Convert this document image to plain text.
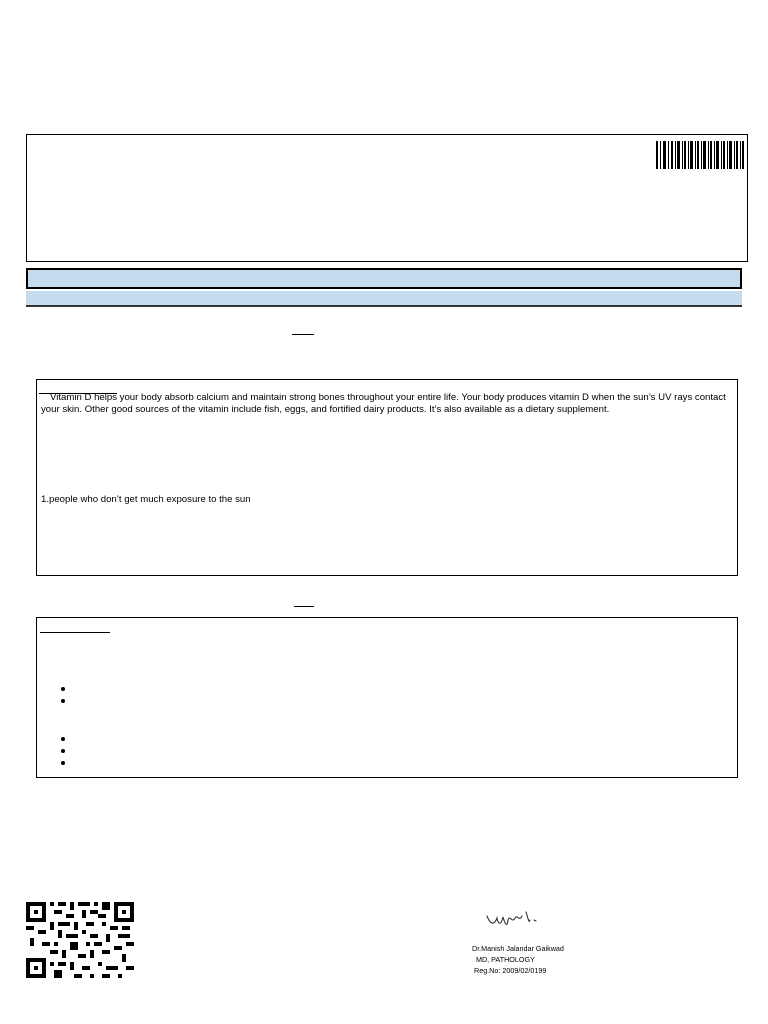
Vitamin D helps your body absorb calcium and maintain strong bones throughout your entire life. Your body produces vitamin D when the sun’s UV rays contact your skin. Other good sources of the vitamin include fish, eggs, and fortified dairy products. It’s also available as a dietary supplement.
1.people who don’t get much exposure to the sun
Dr.Manish Jalandar Gaikwad
MD, PATHOLOGY
Reg.No: 2009/02/0199
